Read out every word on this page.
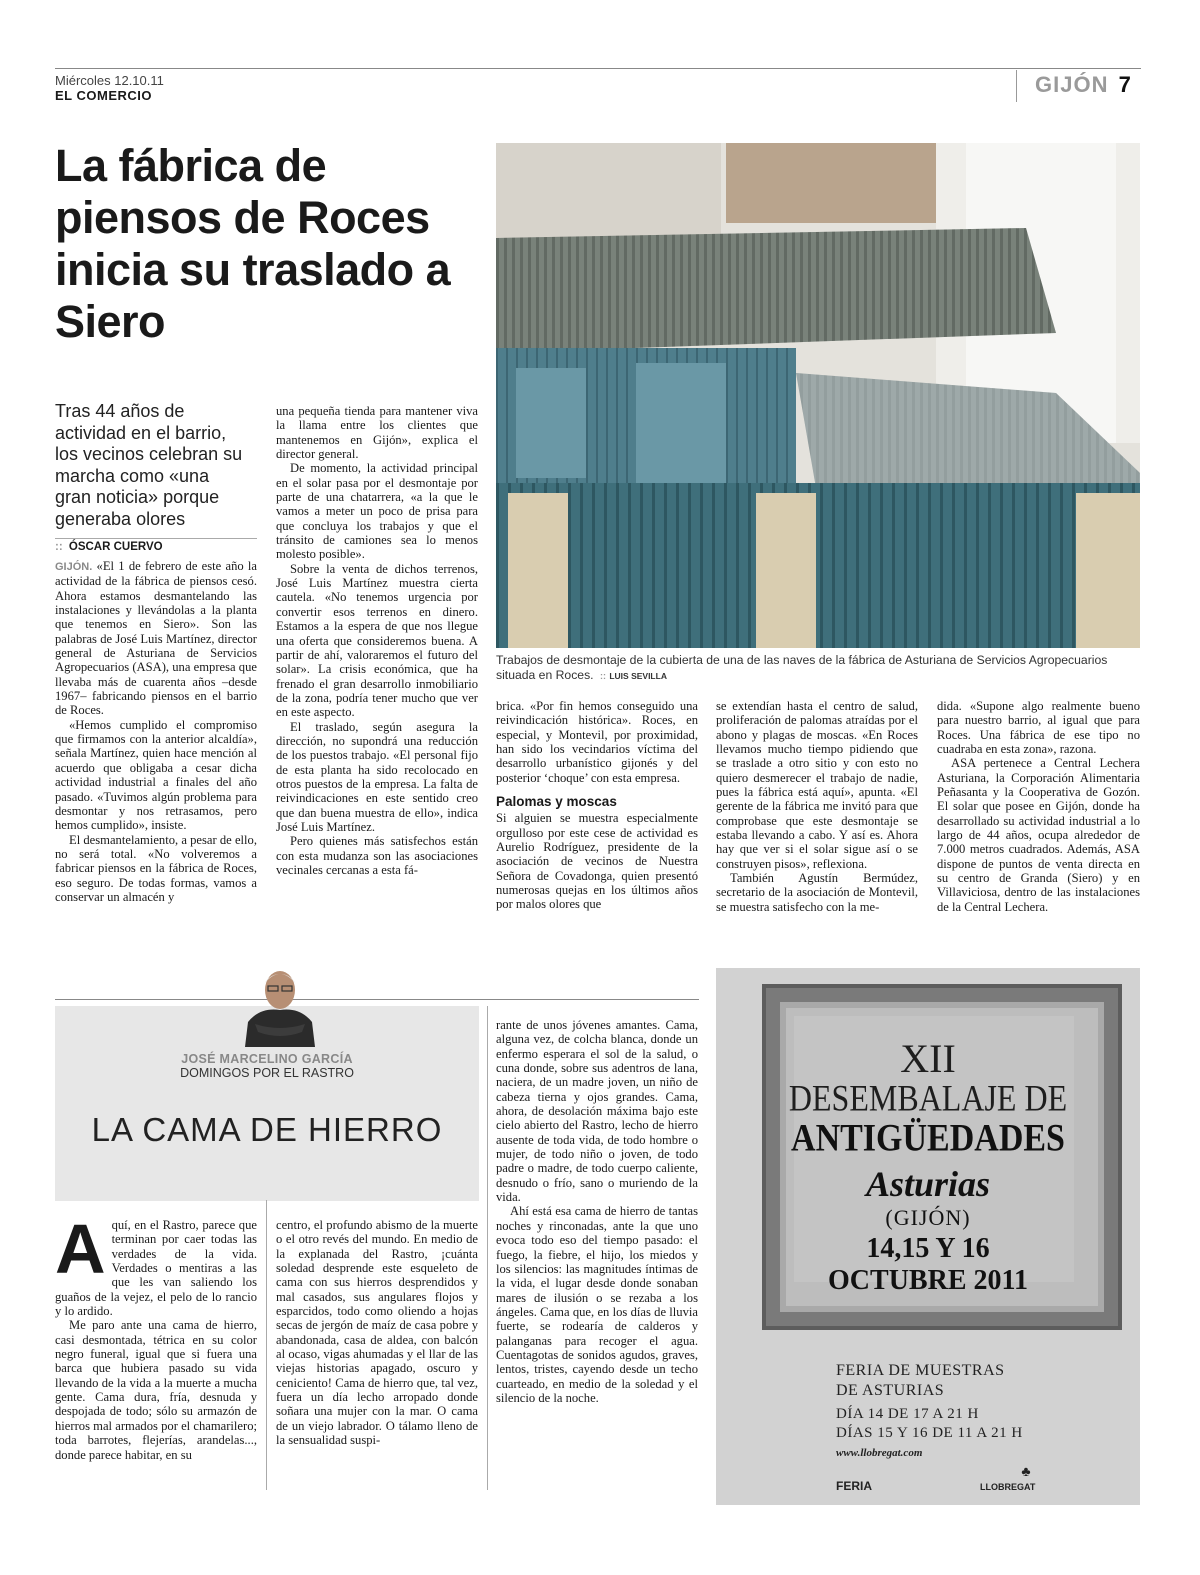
Miércoles 12.10.11
EL COMERCIO	GIJÓN 7
La fábrica de piensos de Roces inicia su traslado a Siero
Trabajos de desmontaje de la cubierta de una de las naves de la fábrica de Asturiana de Servicios Agropecuarios situada en Roces. :: LUIS SEVILLA
Tras 44 años de actividad en el barrio, los vecinos celebran su marcha como «una gran noticia» porque generaba olores
:: ÓSCAR CUERVO

GIJÓN. «El 1 de febrero de este año la actividad de la fábrica de piensos cesó. Ahora estamos desmantelando las instalaciones y llevándolas a la planta que tenemos en Siero». Son las palabras de José Luis Martínez, director general de Asturiana de Servicios Agropecuarios (ASA), una empresa que llevaba más de cuarenta años –desde 1967– fabricando piensos en el barrio de Roces.

«Hemos cumplido el compromiso que firmamos con la anterior alcaldía», señala Martínez, quien hace mención al acuerdo que obligaba a cesar dicha actividad industrial a finales del año pasado. «Tuvimos algún problema para desmontar y nos retrasamos, pero hemos cumplido», insiste.

El desmantelamiento, a pesar de ello, no será total. «No volveremos a fabricar piensos en la fábrica de Roces, eso seguro. De todas formas, vamos a conservar un almacén y

una pequeña tienda para mantener viva la llama entre los clientes que mantenemos en Gijón», explica el director general.

De momento, la actividad principal en el solar pasa por el desmontaje por parte de una chatarrera, «a la que le vamos a meter un poco de prisa para que concluya los trabajos y que el tránsito de camiones sea lo menos molesto posible».

Sobre la venta de dichos terrenos, José Luis Martínez muestra cierta cautela. «No tenemos urgencia por convertir esos terrenos en dinero. Estamos a la espera de que nos llegue una oferta que consideremos buena. A partir de ahí, valoraremos el futuro del solar». La crisis económica, que ha frenado el gran desarrollo inmobiliario de la zona, podría tener mucho que ver en este aspecto.

El traslado, según asegura la dirección, no supondrá una reducción de los puestos trabajo. «El personal fijo de esta planta ha sido recolocado en otros puestos de la empresa. La falta de reivindicaciones en este sentido creo que dan buena muestra de ello», indica José Luis Martínez.

Pero quienes más satisfechos están con esta mudanza son las asociaciones vecinales cercanas a esta fá-

brica. «Por fin hemos conseguido una reivindicación histórica». Roces, en especial, y Montevil, por proximidad, han sido los vecindarios víctima del desarrollo urbanístico gijonés y del posterior ‘choque’ con esta empresa.

Palomas y moscas

Si alguien se muestra especialmente orgulloso por este cese de actividad es Aurelio Rodríguez, presidente de la asociación de vecinos de Nuestra Señora de Covadonga, quien presentó numerosas quejas en los últimos años por malos olores que

se extendían hasta el centro de salud, proliferación de palomas atraídas por el abono y plagas de moscas. «En Roces llevamos mucho tiempo pidiendo que se traslade a otro sitio y con esto no quiero desmerecer el trabajo de nadie, pues la fábrica está aquí», apunta. «El gerente de la fábrica me invitó para que comprobase que este desmontaje se estaba llevando a cabo. Y así es. Ahora hay que ver si el solar sigue así o se construyen pisos», reflexiona.

También Agustín Bermúdez, secretario de la asociación de Montevil, se muestra satisfecho con la me-

dida. «Supone algo realmente bueno para nuestro barrio, al igual que para Roces. Una fábrica de ese tipo no cuadraba en esta zona», razona.

ASA pertenece a Central Lechera Asturiana, la Corporación Alimentaria Peñasanta y la Cooperativa de Gozón. El solar que posee en Gijón, donde ha desarrollado su actividad industrial a lo largo de 44 años, ocupa alrededor de 7.000 metros cuadrados. Además, ASA dispone de puntos de venta directa en su centro de Granda (Siero) y en Villaviciosa, dentro de las instalaciones de la Central Lechera.

JOSÉ MARCELINO GARCÍA
DOMINGOS POR EL RASTRO
LA CAMA DE HIERRO

Aquí, en el Rastro, parece que terminan por caer todas las verdades de la vida. Verdades o mentiras a las que les van saliendo los guaños de la vejez, el pelo de lo rancio y lo ardido.

Me paro ante una cama de hierro, casi desmontada, tétrica en su color negro funeral, igual que si fuera una barca que hubiera pasado su vida llevando de la vida a la muerte a mucha gente. Cama dura, fría, desnuda y despojada de todo; sólo su armazón de hierros mal armados por el chamarilero; toda barrotes, flejerías, arandelas..., donde parece habitar, en su

centro, el profundo abismo de la muerte o el otro revés del mundo. En medio de la explanada del Rastro, ¡cuánta soledad desprende este esqueleto de cama con sus hierros desprendidos y mal casados, sus angulares flojos y esparcidos, todo como oliendo a hojas secas de jergón de maíz de casa pobre y abandonada, casa de aldea, con balcón al ocaso, vigas ahumadas y el llar de las viejas historias apagado, oscuro y ceniciento! Cama de hierro que, tal vez, fuera un día lecho arropado donde soñara una mujer con la mar. O cama de un viejo labrador. O tálamo lleno de la sensualidad suspi-

rante de unos jóvenes amantes. Cama, alguna vez, de colcha blanca, donde un enfermo esperara el sol de la salud, o cuna donde, sobre sus adentros de lana, naciera, de un madre joven, un niño de cabeza tierna y ojos grandes. Cama, ahora, de desolación máxima bajo este cielo abierto del Rastro, lecho de hierro ausente de toda vida, de todo hombre o mujer, de todo niño o joven, de todo padre o madre, de todo cuerpo caliente, desnudo o frío, sano o muriendo de la vida.

Ahí está esa cama de hierro de tantas noches y rinconadas, ante la que uno evoca todo eso del tiempo pasado: el fuego, la fiebre, el hijo, los miedos y los silencios: las magnitudes íntimas de la vida, el lugar desde donde sonaban mares de ilusión o se rezaba a los ángeles. Cama que, en los días de lluvia fuerte, se rodearía de calderos y palanganas para recoger el agua. Cuentagotas de sonidos agudos, graves, lentos, tristes, cayendo desde un techo cuarteado, en medio de la soledad y el silencio de la noche.

XII
DESEMBALAJE DE
ANTIGÜEDADES
Asturias
(GIJÓN)
14,15 Y 16
OCTUBRE 2011
FERIA DE MUESTRAS
DE ASTURIAS
DÍA 14 DE 17 A 21 H
DÍAS 15 Y 16 DE 11 A 21 H
www.llobregat.com
FERIA
♣
LLOBREGAT
